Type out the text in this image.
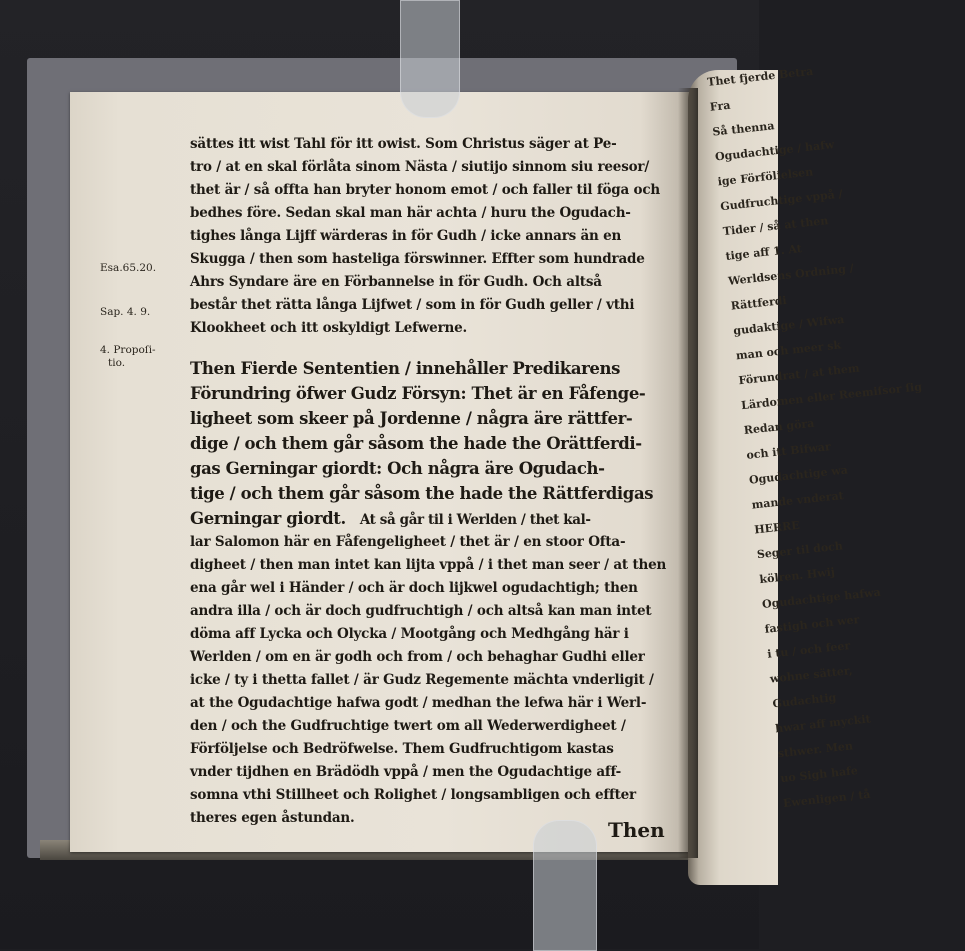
Thet fjerde Betra
Fra
Så thenna
Ogudachtige / hafw
ige Förfölielsen
Gudfruchtige vppå /
Tider / så at then
tige aff 1. At
Werldsens Ordning /
Rättferdi
gudaktige / Wifwa
man och meer sk
Förundrat / at them
Lärdomen eller Reemiſsor ſig
Redan göra
och itt Bifwar
Ogudachtige wa
mande vnderat
HERRE
Seger til doch
kölren. Hwij
Ogudachtige hafwa
fastigh och wer
i tu / och feer
wohne sätter,
Gudachtig
hwar aff myckit
sthwer. Men
uo Sigh hafe
Ewenligen / tå
Esa.65.20.
Sap. 4. 9.
4. Propoſi-
tio.
sättes itt wist Tahl för itt owist. Som Christus säger at Pe-
tro / at en skal förlåta sinom Nästa / siutijo sinnom siu reesor/
thet är / så offta han bryter honom emot / och faller til föga och
bedhes före. Sedan skal man här achta / huru the Ogudach-
tighes långa Lijff wärderas in för Gudh / icke annars än en
Skugga / then som hasteliga förswinner. Effter som hundrade
Ahrs Syndare äre en Förbannelse in för Gudh. Och altså
består thet rätta långa Lijfwet / som in för Gudh geller / vthi
Klookheet och itt oskyldigt Lefwerne.
Then Fierde Sententien / innehåller Predikarens
Förundring öfwer Gudz Försyn: Thet är en Fåfenge-
ligheet som skeer på Jordenne / några äre rättfer-
dige / och them går såsom the hade the Orättferdi-
gas Gerningar giordt: Och några äre Ogudach-
tige / och them går såsom the hade the Rättferdigas
Gerningar giordt. At så går til i Werlden / thet kal-
lar Salomon här en Fåfengeligheet / thet är / en stoor Ofta-
digheet / then man intet kan lijta vppå / i thet man seer / at then
ena går wel i Händer / och är doch lijkwel ogudachtigh; then
andra illa / och är doch gudfruchtigh / och altså kan man intet
döma aff Lycka och Olycka / Mootgång och Medhgång här i
Werlden / om en är godh och from / och behaghar Gudhi eller
icke / ty i thetta fallet / är Gudz Regemente mächta vnderligit /
at the Ogudachtige hafwa godt / medhan the lefwa här i Werl-
den / och the Gudfruchtige twert om all Wederwerdigheet /
Förföljelse och Bedröfwelse. Them Gudfruchtigom kastas
vnder tijdhen en Brädödh vppå / men the Ogudachtige aff-
somna vthi Stillheet och Rolighet / longsambligen och effter
theres egen åstundan.	Then
